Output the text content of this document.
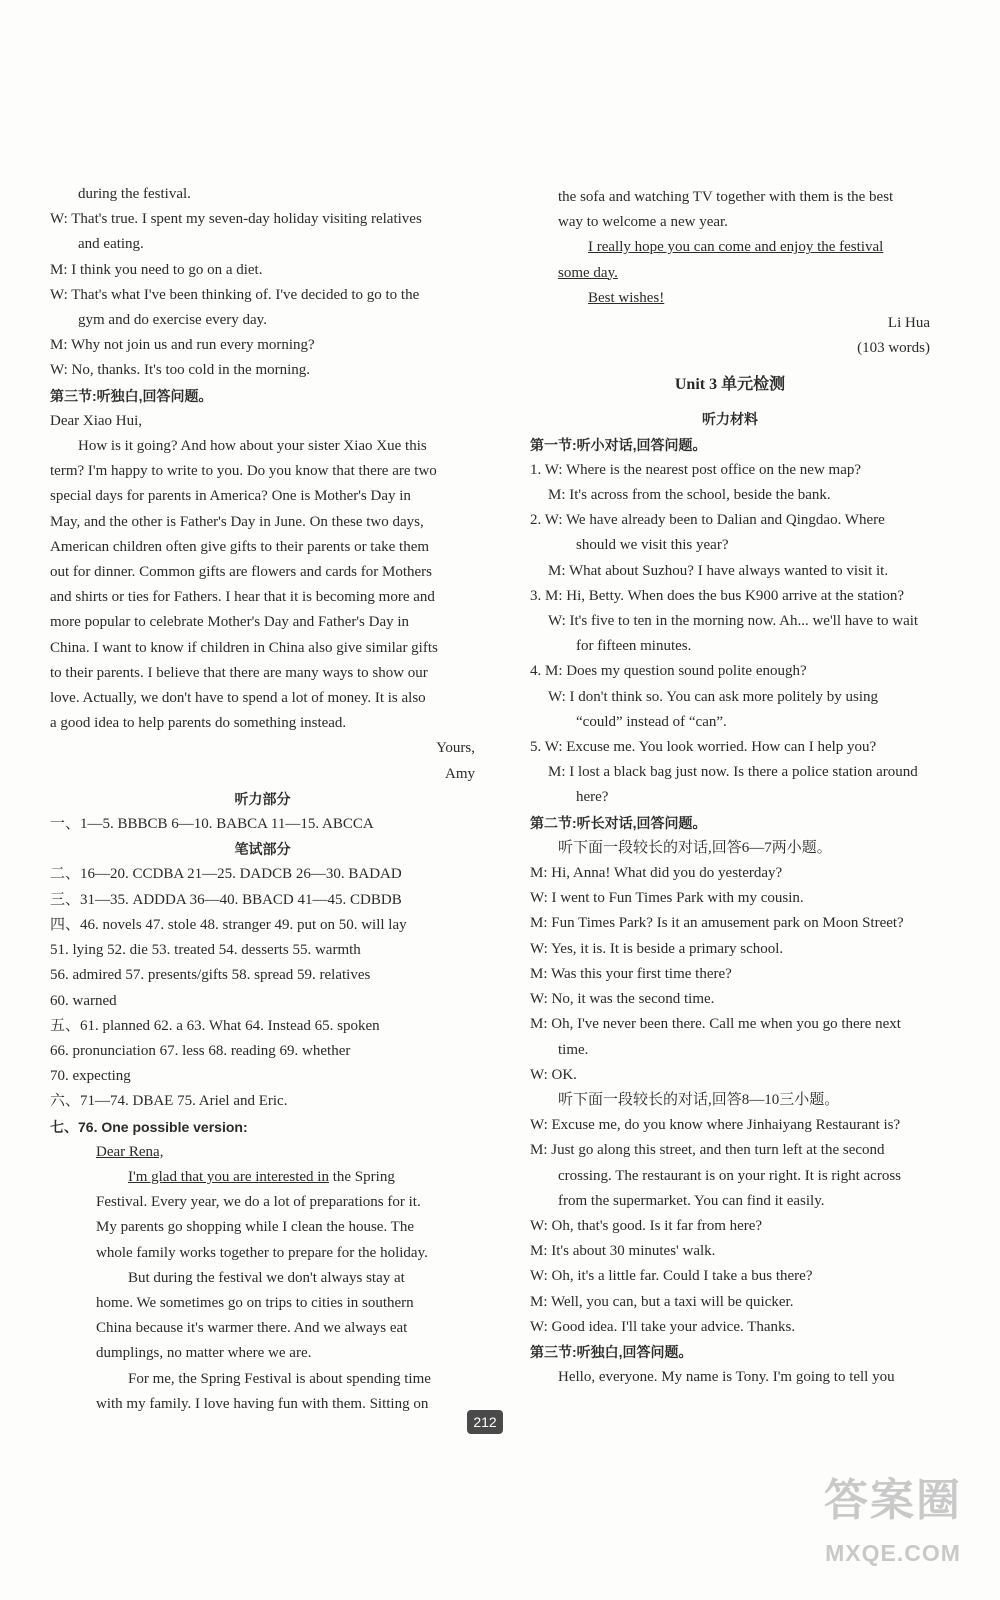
during the festival.
W: That's true. I spent my seven-day holiday visiting relatives
and eating.
M: I think you need to go on a diet.
W: That's what I've been thinking of. I've decided to go to the
gym and do exercise every day.
M: Why not join us and run every morning?
W: No, thanks. It's too cold in the morning.
第三节:听独白,回答问题。
Dear Xiao Hui,
How is it going? And how about your sister Xiao Xue this
term? I'm happy to write to you. Do you know that there are two
special days for parents in America? One is Mother's Day in
May, and the other is Father's Day in June. On these two days,
American children often give gifts to their parents or take them
out for dinner. Common gifts are flowers and cards for Mothers
and shirts or ties for Fathers. I hear that it is becoming more and
more popular to celebrate Mother's Day and Father's Day in
China. I want to know if children in China also give similar gifts
to their parents. I believe that there are many ways to show our
love. Actually, we don't have to spend a lot of money. It is also
a good idea to help parents do something instead.
Yours,
Amy
听力部分
一、1—5. BBBCB 6—10. BABCA 11—15. ABCCA
笔试部分
二、16—20. CCDBA 21—25. DADCB 26—30. BADAD
三、31—35. ADDDA 36—40. BBACD 41—45. CDBDB
四、46. novels 47. stole 48. stranger 49. put on 50. will lay
51. lying 52. die 53. treated 54. desserts 55. warmth
56. admired 57. presents/gifts 58. spread 59. relatives
60. warned
五、61. planned 62. a 63. What 64. Instead 65. spoken
66. pronunciation 67. less 68. reading 69. whether
70. expecting
六、71—74. DBAE 75. Ariel and Eric.
七、76. One possible version:
Dear Rena,
I'm glad that you are interested in the Spring
Festival. Every year, we do a lot of preparations for it.
My parents go shopping while I clean the house. The
whole family works together to prepare for the holiday.
But during the festival we don't always stay at
home. We sometimes go on trips to cities in southern
China because it's warmer there. And we always eat
dumplings, no matter where we are.
For me, the Spring Festival is about spending time
with my family. I love having fun with them. Sitting on
the sofa and watching TV together with them is the best
way to welcome a new year.
I really hope you can come and enjoy the festival
some day.
Best wishes!
Li Hua
(103 words)
Unit 3 单元检测
听力材料
第一节:听小对话,回答问题。
1. W: Where is the nearest post office on the new map?
M: It's across from the school, beside the bank.
2. W: We have already been to Dalian and Qingdao. Where
should we visit this year?
M: What about Suzhou? I have always wanted to visit it.
3. M: Hi, Betty. When does the bus K900 arrive at the station?
W: It's five to ten in the morning now. Ah... we'll have to wait
for fifteen minutes.
4. M: Does my question sound polite enough?
W: I don't think so. You can ask more politely by using
“could” instead of “can”.
5. W: Excuse me. You look worried. How can I help you?
M: I lost a black bag just now. Is there a police station around
here?
第二节:听长对话,回答问题。
听下面一段较长的对话,回答6—7两小题。
M: Hi, Anna! What did you do yesterday?
W: I went to Fun Times Park with my cousin.
M: Fun Times Park? Is it an amusement park on Moon Street?
W: Yes, it is. It is beside a primary school.
M: Was this your first time there?
W: No, it was the second time.
M: Oh, I've never been there. Call me when you go there next
time.
W: OK.
听下面一段较长的对话,回答8—10三小题。
W: Excuse me, do you know where Jinhaiyang Restaurant is?
M: Just go along this street, and then turn left at the second
crossing. The restaurant is on your right. It is right across
from the supermarket. You can find it easily.
W: Oh, that's good. Is it far from here?
M: It's about 30 minutes' walk.
W: Oh, it's a little far. Could I take a bus there?
M: Well, you can, but a taxi will be quicker.
W: Good idea. I'll take your advice. Thanks.
第三节:听独白,回答问题。
Hello, everyone. My name is Tony. I'm going to tell you
212
答案圈
MXQE.COM
